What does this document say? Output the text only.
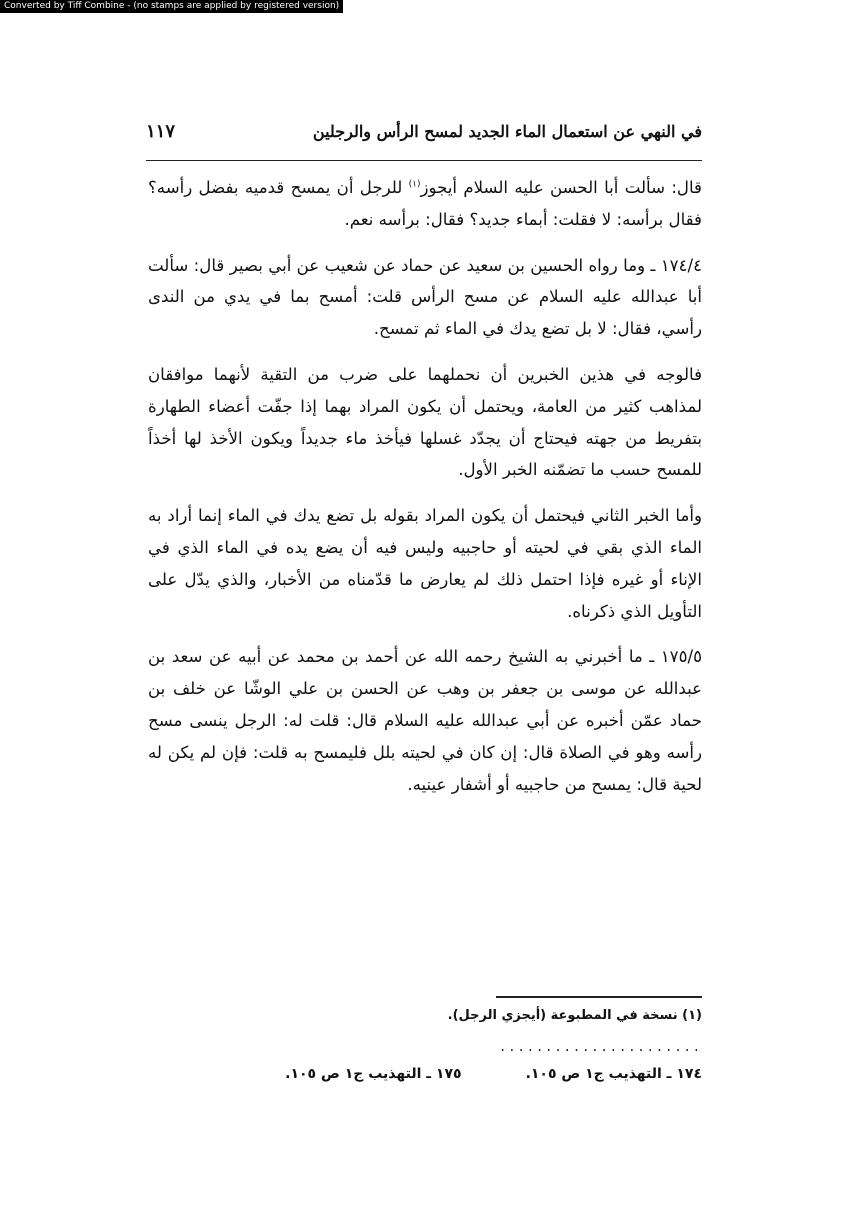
Converted by Tiff Combine - (no stamps are applied by registered version)
في النهي عن استعمال الماء الجديد لمسح الرأس والرجلين
١١٧

قال: سألت أبا الحسن عليه السلام أيجوز$^{(١)}$ للرجل أن يمسح قدميه بفضل رأسه؟ فقال برأسه: لا فقلت: أبماء جديد؟ فقال: برأسه نعم.

١٧٤/٤ ـ وما رواه الحسين بن سعيد عن حماد عن شعيب عن أبي بصير قال: سألت أبا عبدالله عليه السلام عن مسح الرأس قلت: أمسح بما في يدي من الندى رأسي، فقال: لا بل تضع يدك في الماء ثم تمسح.

فالوجه في هذين الخبرين أن نحملهما على ضرب من التقية لأنهما موافقان لمذاهب كثير من العامة، ويحتمل أن يكون المراد بهما إذا جفّت أعضاء الطهارة بتفريط من جهته فيحتاج أن يجدّد غسلها فيأخذ ماء جديداً ويكون الأخذ لها أخذاً للمسح حسب ما تضمّنه الخبر الأول.

وأما الخبر الثاني فيحتمل أن يكون المراد بقوله بل تضع يدك في الماء إنما أراد به الماء الذي بقي في لحيته أو حاجبيه وليس فيه أن يضع يده في الماء الذي في الإناء أو غيره فإذا احتمل ذلك لم يعارض ما قدّمناه من الأخبار، والذي يدّل على التأويل الذي ذكرناه.

١٧٥/٥ ـ ما أخبرني به الشيخ رحمه الله عن أحمد بن محمد عن أبيه عن سعد بن عبدالله عن موسى بن جعفر بن وهب عن الحسن بن علي الوشّا عن خلف بن حماد عمّن أخبره عن أبي عبدالله عليه السلام قال: قلت له: الرجل ينسى مسح رأسه وهو في الصلاة قال: إن كان في لحيته بلل فليمسح به قلت: فإن لم يكن له لحية قال: يمسح من حاجبيه أو أشفار عينيه.

(١) نسخة في المطبوعة (أيجزي الرجل).
......................
١٧٤ ـ التهذيب ج١ ص ١٠٥.
١٧٥ ـ التهذيب ج١ ص ١٠٥.
